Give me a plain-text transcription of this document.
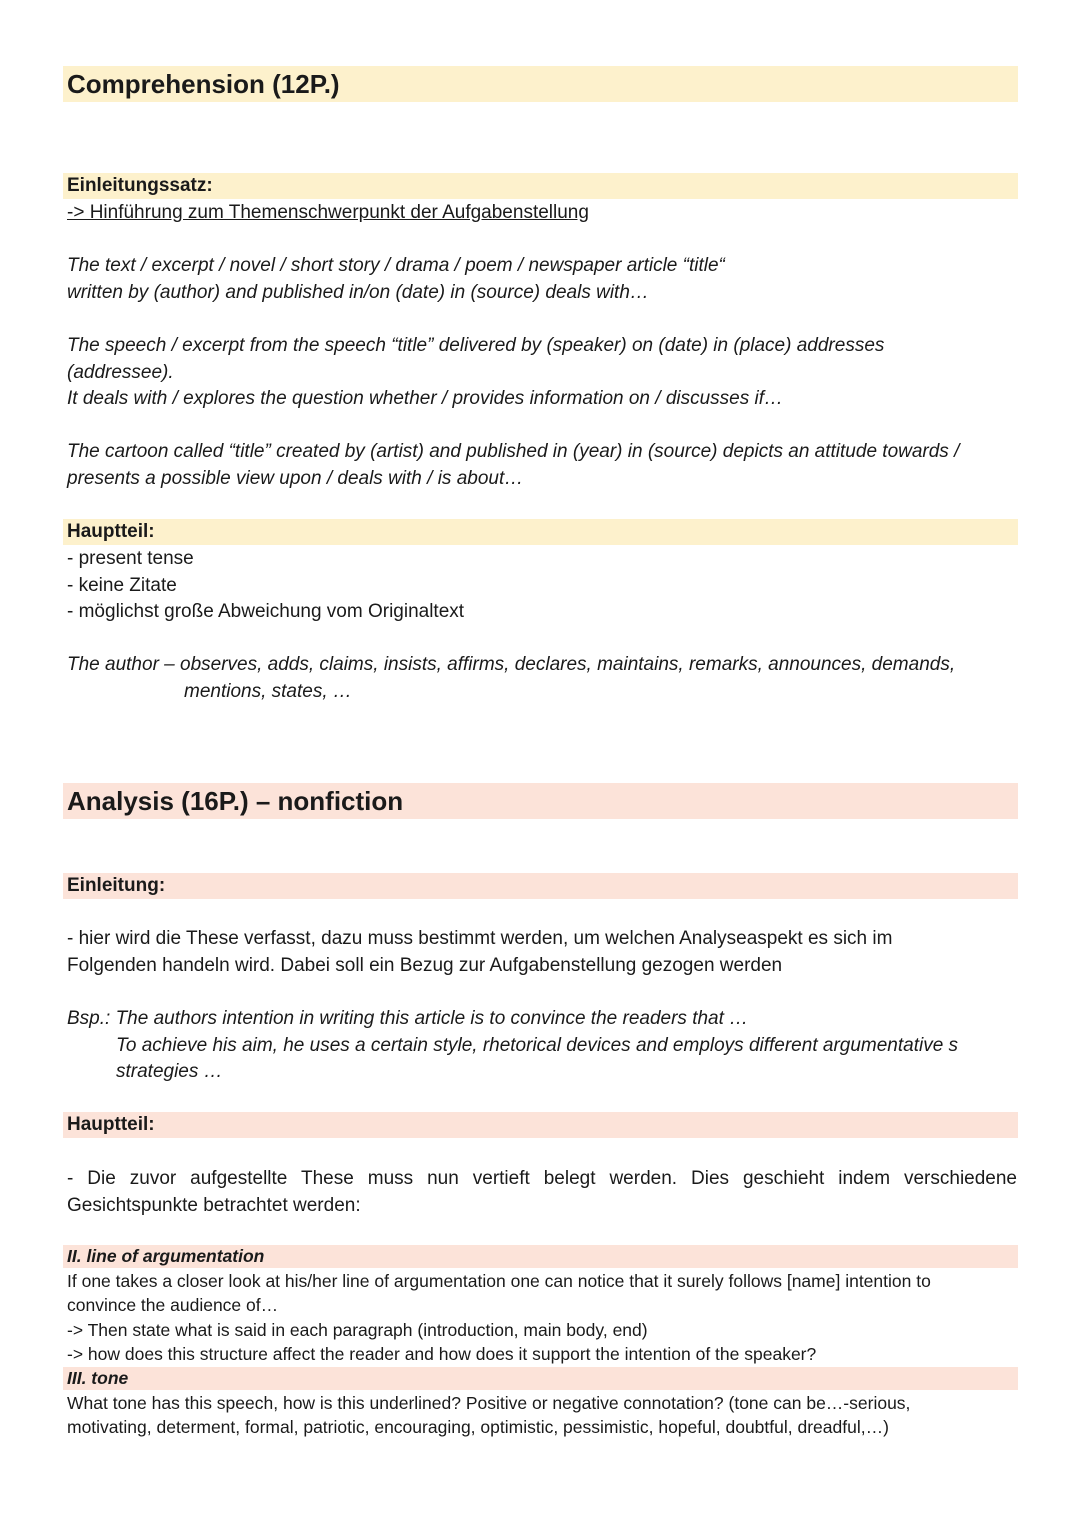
Comprehension (12P.)
Einleitungssatz:

-> Hinführung zum Themenschwerpunkt der Aufgabenstellung

The text / excerpt / novel / short story / drama / poem / newspaper article “title“
written by (author) and published in/on (date) in (source) deals with…

The speech / excerpt from the speech “title” delivered by (speaker) on (date) in (place) addresses
(addressee).
It deals with / explores the question whether / provides information on / discusses if…

The cartoon called “title” created by (artist) and published in (year) in (source) depicts an attitude towards /
presents a possible view upon / deals with / is about…

Hauptteil:

- present tense
- keine Zitate
- möglichst große Abweichung vom Originaltext

The author – observes, adds, claims, insists, affirms, declares, maintains, remarks, announces, demands,
mentions, states, …

Analysis (16P.) – nonfiction
Einleitung:

- hier wird die These verfasst, dazu muss bestimmt werden, um welchen Analyseaspekt es sich im
Folgenden handeln wird. Dabei soll ein Bezug zur Aufgabenstellung gezogen werden

Bsp.: The authors intention in writing this article is to convince the readers that …
To achieve his aim, he uses a certain style, rhetorical devices and employs different argumentative s
strategies …

Hauptteil:

- Die zuvor aufgestellte These muss nun vertieft belegt werden. Dies geschieht indem verschiedene Gesichtspunkte betrachtet werden:

II. line of argumentation

If one takes a closer look at his/her line of argumentation one can notice that it surely follows [name] intention to
convince the audience of…
-> Then state what is said in each paragraph (introduction, main body, end)
-> how does this structure affect the reader and how does it support the intention of the speaker?

III. tone

What tone has this speech, how is this underlined? Positive or negative connotation? (tone can be…-serious,
motivating, determent, formal, patriotic, encouraging, optimistic, pessimistic, hopeful, doubtful, dreadful,…)
